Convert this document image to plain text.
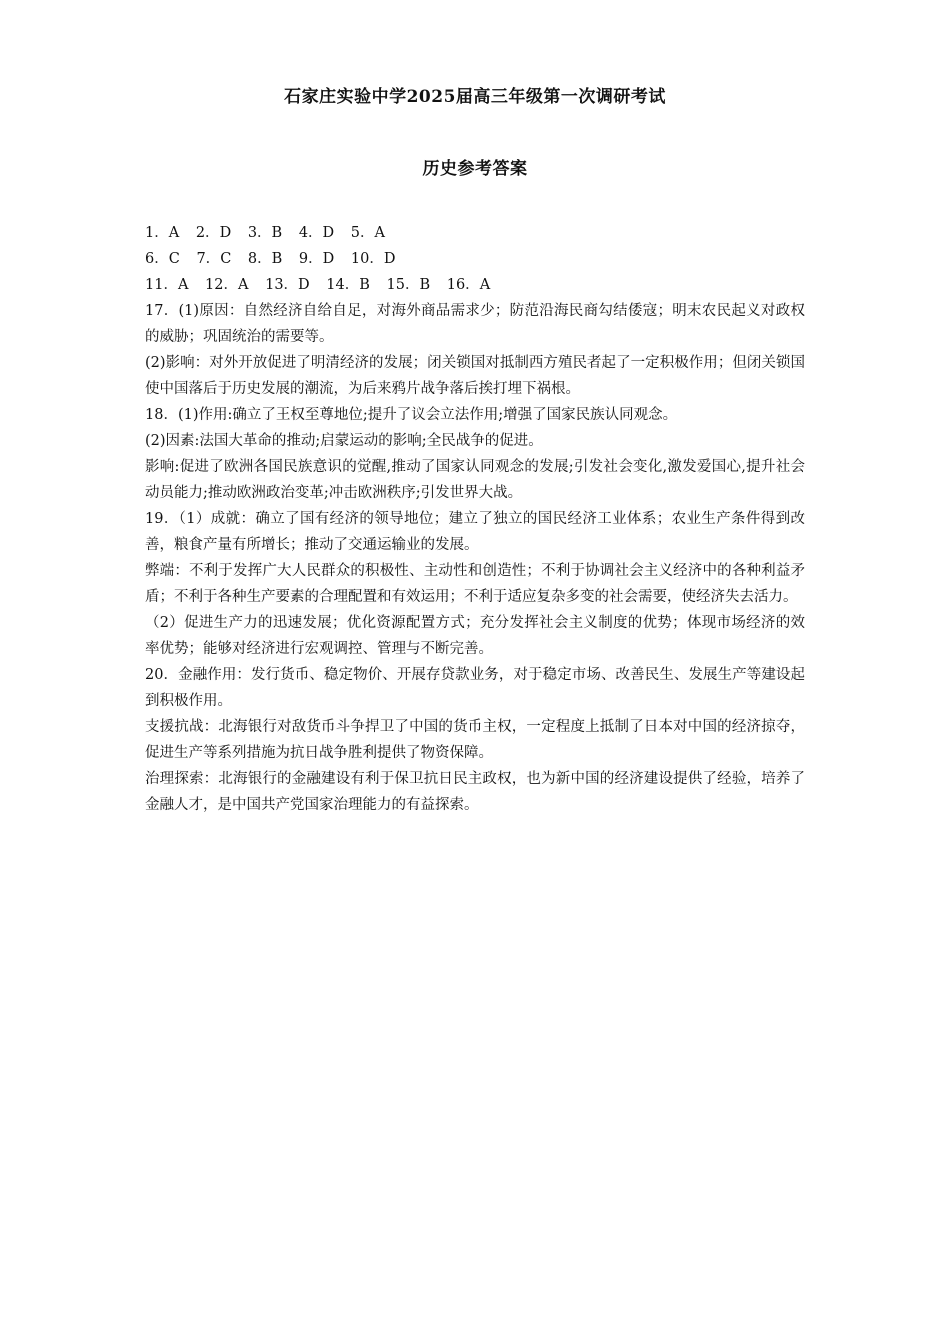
石家庄实验中学2025届高三年级第一次调研考试
历史参考答案
1．A 2．D 3．B 4．D 5．A
6．C 7．C 8．B 9．D 10．D
11．A 12．A 13．D 14．B 15．B 16．A

17．(1)原因：自然经济自给自足，对海外商品需求少；防范沿海民商勾结倭寇；明末农民起义对政权的威胁；巩固统治的需要等。

(2)影响：对外开放促进了明清经济的发展；闭关锁国对抵制西方殖民者起了一定积极作用；但闭关锁国使中国落后于历史发展的潮流，为后来鸦片战争落后挨打埋下祸根。

18．(1)作用:确立了王权至尊地位;提升了议会立法作用;增强了国家民族认同观念。

(2)因素:法国大革命的推动;启蒙运动的影响;全民战争的促进。

影响:促进了欧洲各国民族意识的觉醒,推动了国家认同观念的发展;引发社会变化,激发爱国心,提升社会动员能力;推动欧洲政治变革;冲击欧洲秩序;引发世界大战。

19．（1）成就：确立了国有经济的领导地位；建立了独立的国民经济工业体系；农业生产条件得到改善，粮食产量有所增长；推动了交通运输业的发展。

弊端：不利于发挥广大人民群众的积极性、主动性和创造性；不利于协调社会主义经济中的各种利益矛盾；不利于各种生产要素的合理配置和有效运用；不利于适应复杂多变的社会需要，使经济失去活力。

（2）促进生产力的迅速发展；优化资源配置方式；充分发挥社会主义制度的优势；体现市场经济的效率优势；能够对经济进行宏观调控、管理与不断完善。

20．金融作用：发行货币、稳定物价、开展存贷款业务，对于稳定市场、改善民生、发展生产等建设起到积极作用。

支援抗战：北海银行对敌货币斗争捍卫了中国的货币主权，一定程度上抵制了日本对中国的经济掠夺，促进生产等系列措施为抗日战争胜利提供了物资保障。

治理探索：北海银行的金融建设有利于保卫抗日民主政权，也为新中国的经济建设提供了经验，培养了金融人才，是中国共产党国家治理能力的有益探索。
